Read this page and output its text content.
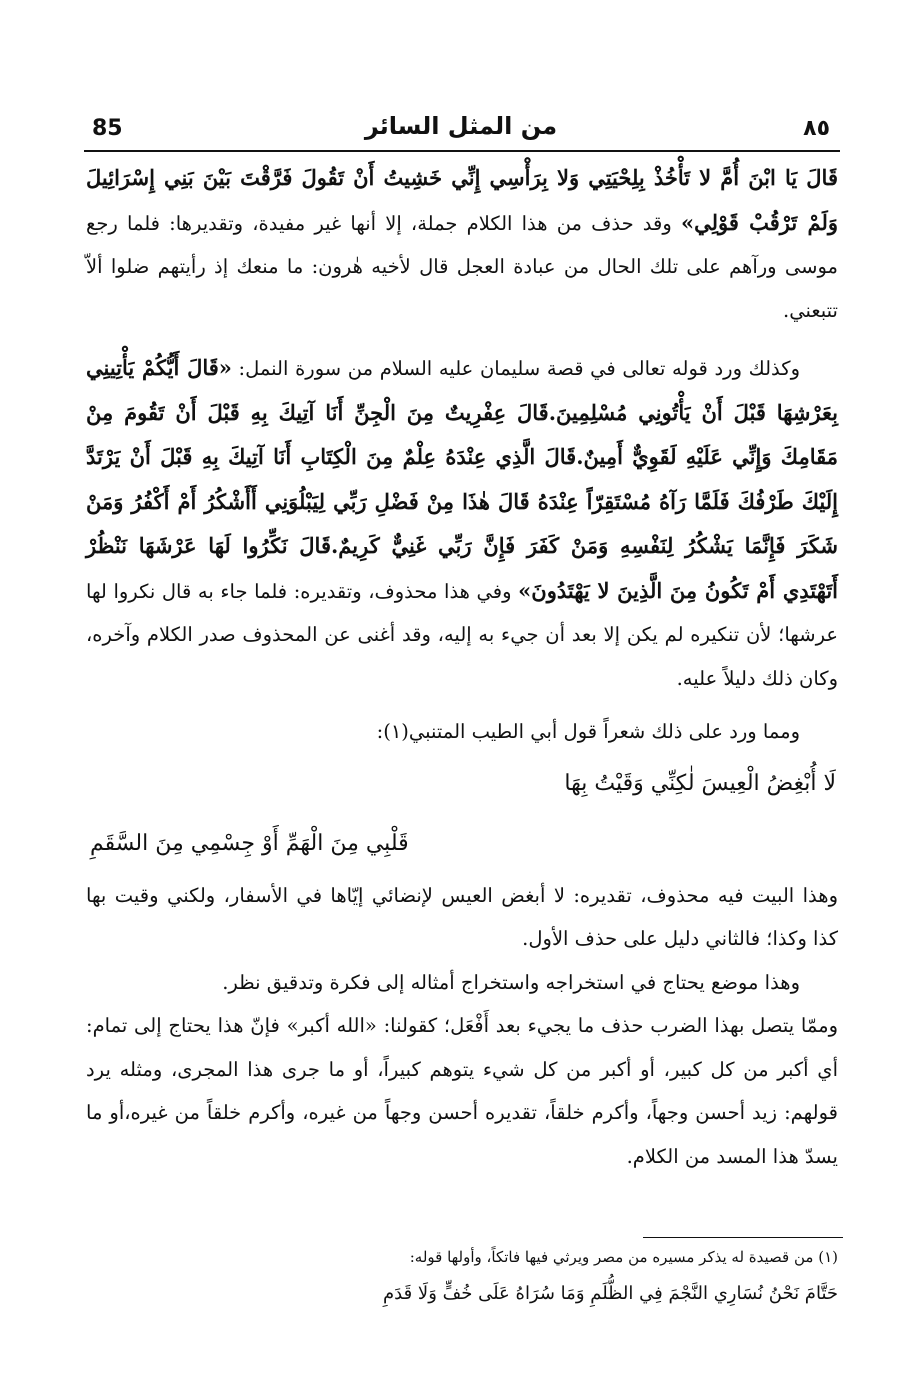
85	من المثل السائر	٨٥

قَالَ يَا ابْنَ أُمَّ لا تَأْخُذْ بِلِحْيَتِي وَلا بِرَأْسِي إِنِّي خَشِيتُ أَنْ تَقُولَ فَرَّقْتَ بَيْنَ بَنِي إِسْرَائِيلَ وَلَمْ تَرْقُبْ قَوْلِي» وقد حذف من هذا الكلام جملة، إلا أنها غير مفيدة، وتقديرها: فلما رجع موسى ورآهم على تلك الحال من عبادة العجل قال لأخيه هٰرون: ما منعك إذ رأيتهم ضلوا ألاّ تتبعني.

وكذلك ورد قوله تعالى في قصة سليمان عليه السلام من سورة النمل: «قَالَ أَيُّكُمْ يَأْتِينِي بِعَرْشِهَا قَبْلَ أَنْ يَأْتُونِي مُسْلِمِينَ.قَالَ عِفْرِيتٌ مِنَ الْجِنِّ أَنَا آتِيكَ بِهِ قَبْلَ أَنْ تَقُومَ مِنْ مَقَامِكَ وَإِنِّي عَلَيْهِ لَقَوِيٌّ أَمِينٌ.قَالَ الَّذِي عِنْدَهُ عِلْمٌ مِنَ الْكِتَابِ أَنَا آتِيكَ بِهِ قَبْلَ أَنْ يَرْتَدَّ إِلَيْكَ طَرْفُكَ فَلَمَّا رَآهُ مُسْتَقِرّاً عِنْدَهُ قَالَ هٰذَا مِنْ فَضْلِ رَبِّي لِيَبْلُوَنِي أَأَشْكُرُ أَمْ أَكْفُرُ وَمَنْ شَكَرَ فَإِنَّمَا يَشْكُرُ لِنَفْسِهِ وَمَنْ كَفَرَ فَإِنَّ رَبِّي غَنِيٌّ كَرِيمٌ.قَالَ نَكِّرُوا لَهَا عَرْشَهَا نَنْظُرْ أَتَهْتَدِي أَمْ تَكُونُ مِنَ الَّذِينَ لا يَهْتَدُونَ» وفي هذا محذوف، وتقديره: فلما جاء به قال نكروا لها عرشها؛ لأن تنكيره لم يكن إلا بعد أن جيء به إليه، وقد أغنى عن المحذوف صدر الكلام وآخره، وكان ذلك دليلاً عليه.

ومما ورد على ذلك شعراً قول أبي الطيب المتنبي(١):

لَا أُبْغِضُ الْعِيسَ لٰكِنِّي وَقَيْتُ بِهَا
قَلْبِي مِنَ الْهَمِّ أَوْ جِسْمِي مِنَ السَّقَمِ

وهذا البيت فيه محذوف، تقديره: لا أبغض العيس لإنضائي إيّاها في الأسفار، ولكني وقيت بها كذا وكذا؛ فالثاني دليل على حذف الأول.

وهذا موضع يحتاج في استخراجه واستخراج أمثاله إلى فكرة وتدقيق نظر.

وممّا يتصل بهذا الضرب حذف ما يجيء بعد أَفْعَل؛ كقولنا: «الله أكبر» فإنّ هذا يحتاج إلى تمام: أي أكبر من كل كبير، أو أكبر من كل شيء يتوهم كبيراً، أو ما جرى هذا المجرى، ومثله يرد قولهم: زيد أحسن وجهاً، وأكرم خلقاً، تقديره أحسن وجهاً من غيره، وأكرم خلقاً من غيره،أو ما يسدّ هذا المسد من الكلام.

(١) من قصيدة له يذكر مسيره من مصر ويرثي فيها فاتكاً، وأولها قوله:
حَتَّامَ نَحْنُ نُسَارِي النَّجْمَ فِي الظُّلَمِ وَمَا سُرَاهُ عَلَى خُفٍّ وَلَا قَدَمِ
